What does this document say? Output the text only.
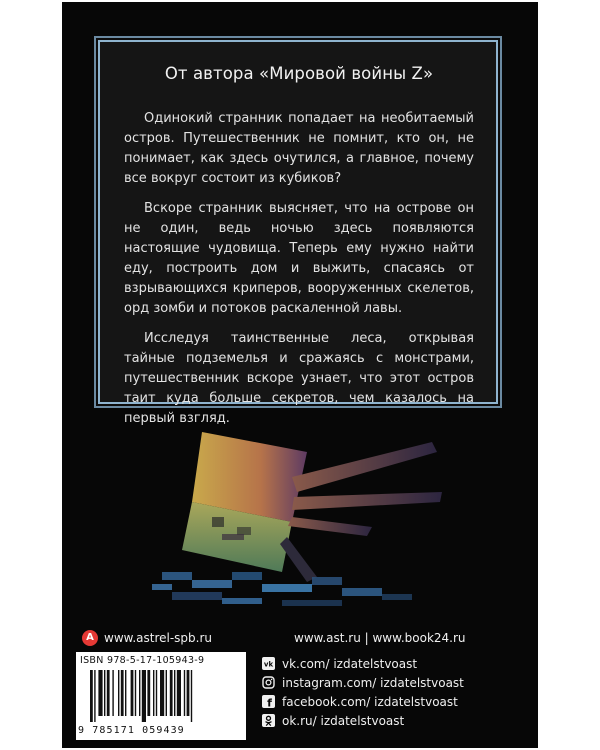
От автора «Мировой войны Z»

Одинокий странник попадает на необитаемый остров. Путешественник не помнит, кто он, не понимает, как здесь очутился, а главное, почему все вокруг состоит из кубиков?

Вскоре странник выясняет, что на острове он не один, ведь ночью здесь появляются настоящие чудовища. Теперь ему нужно найти еду, построить дом и выжить, спасаясь от взрывающихся криперов, вооруженных скелетов, орд зомби и потоков раскаленной лавы.

Исследуя таинственные леса, открывая тайные подземелья и сражаясь с монстрами, путешественник вскоре узнает, что этот остров таит куда больше секретов, чем казалось на первый взгляд.

A www.astrel-spb.ru	www.ast.ru | www.book24.ru
ISBN 978-5-17-105943-9
9 785171 059439
vk vk.com/ izdatelstvoast
instagram.com/ izdatelstvoast
f facebook.com/ izdatelstvoast
ok.ru/ izdatelstvoast
